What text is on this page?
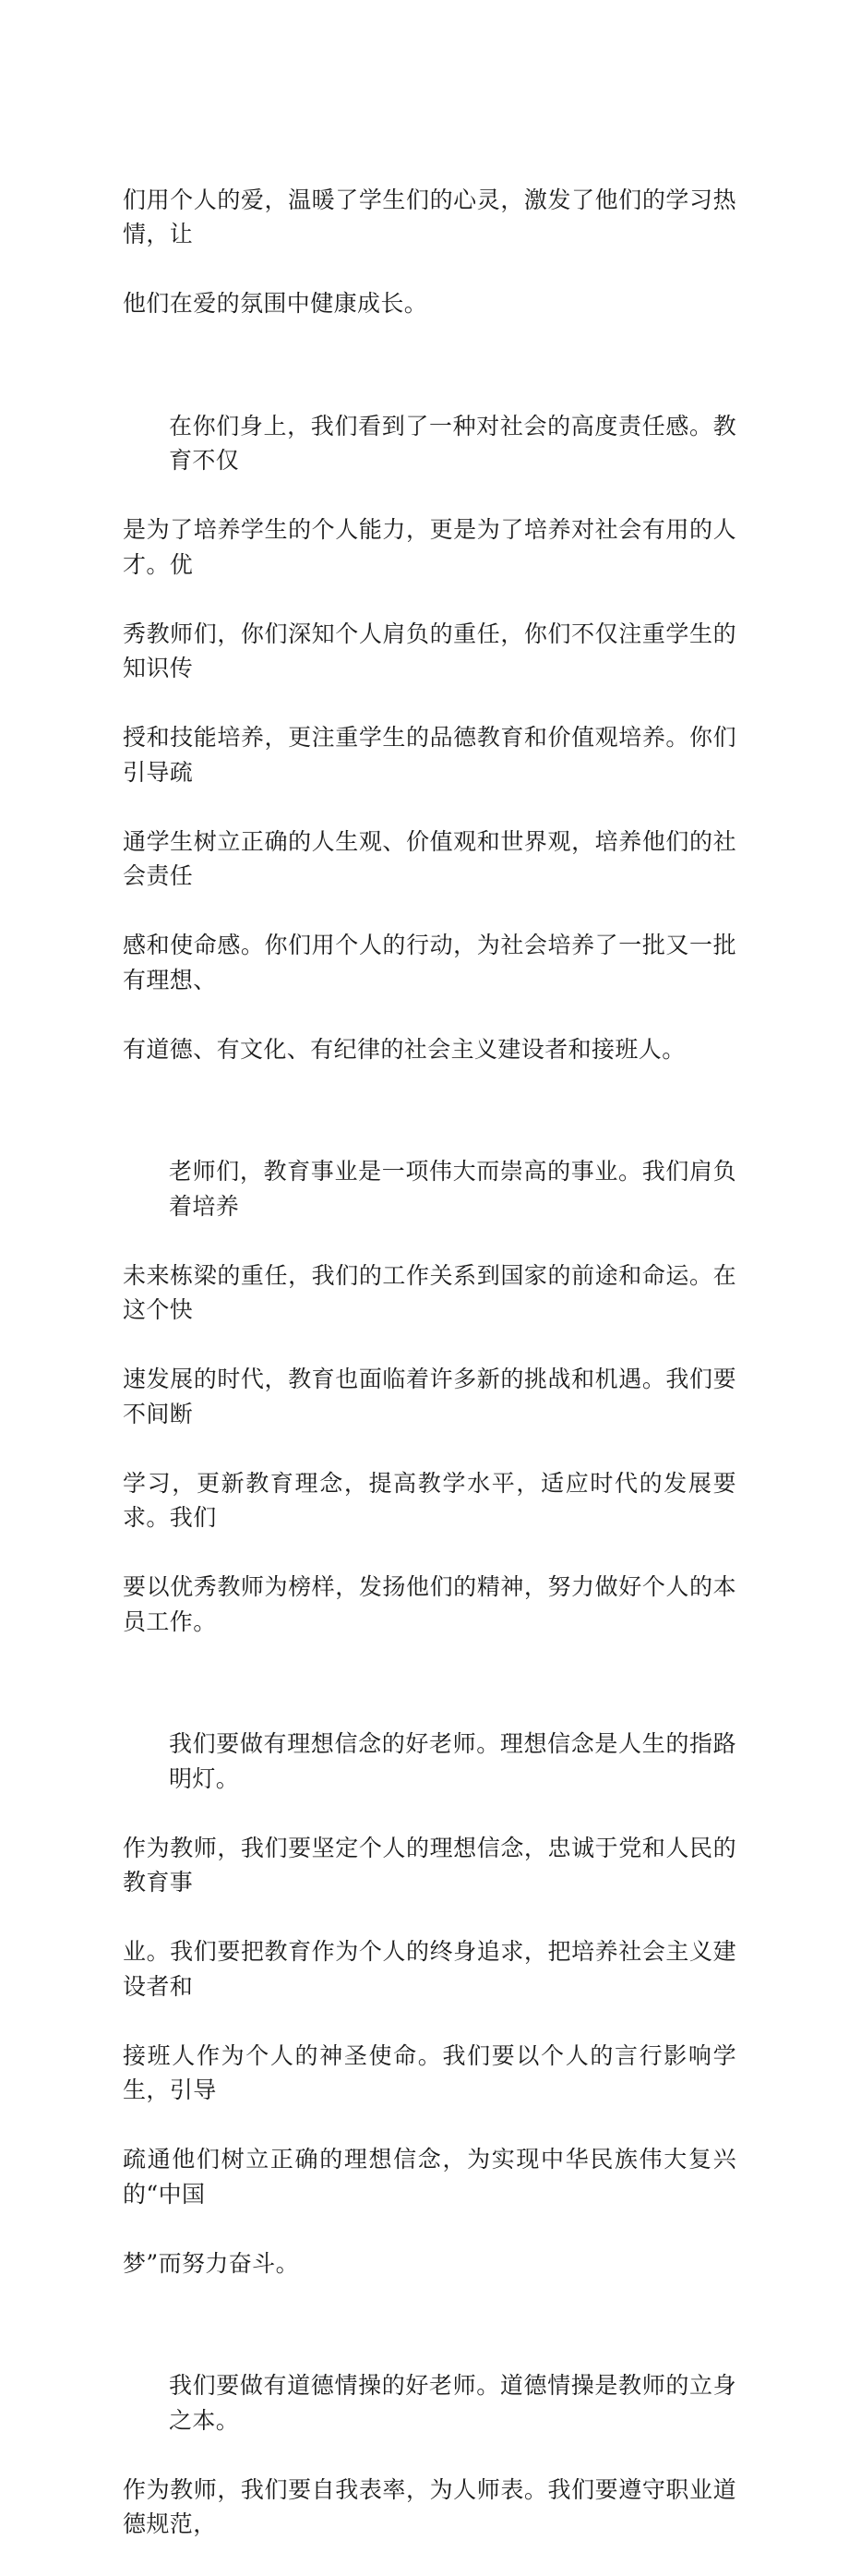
们用个人的爱，温暖了学生们的心灵，激发了他们的学习热情，让

他们在爱的氛围中健康成长。

在你们身上，我们看到了一种对社会的高度责任感。教育不仅

是为了培养学生的个人能力，更是为了培养对社会有用的人才。优

秀教师们，你们深知个人肩负的重任，你们不仅注重学生的知识传

授和技能培养，更注重学生的品德教育和价值观培养。你们引导疏

通学生树立正确的人生观、价值观和世界观，培养他们的社会责任

感和使命感。你们用个人的行动，为社会培养了一批又一批有理想、

有道德、有文化、有纪律的社会主义建设者和接班人。

老师们，教育事业是一项伟大而崇高的事业。我们肩负着培养

未来栋梁的重任，我们的工作关系到国家的前途和命运。在这个快

速发展的时代，教育也面临着许多新的挑战和机遇。我们要不间断

学习，更新教育理念，提高教学水平，适应时代的发展要求。我们

要以优秀教师为榜样，发扬他们的精神，努力做好个人的本员工作。

我们要做有理想信念的好老师。理想信念是人生的指路明灯。

作为教师，我们要坚定个人的理想信念，忠诚于党和人民的教育事

业。我们要把教育作为个人的终身追求，把培养社会主义建设者和

接班人作为个人的神圣使命。我们要以个人的言行影响学生，引导

疏通他们树立正确的理想信念，为实现中华民族伟大复兴的“中国

梦”而努力奋斗。

我们要做有道德情操的好老师。道德情操是教师的立身之本。

作为教师，我们要自我表率，为人师表。我们要遵守职业道德规范，
